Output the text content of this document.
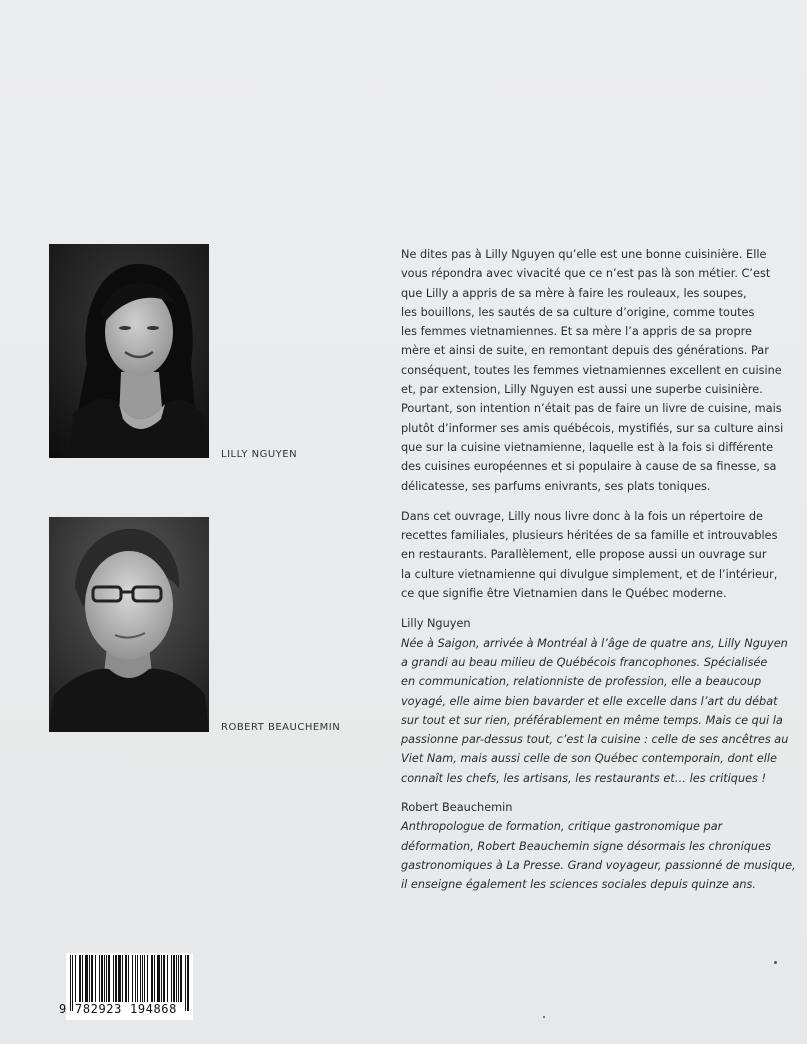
LILLY NGUYEN
ROBERT BEAUCHEMIN

Ne dites pas à Lilly Nguyen qu’elle est une bonne cuisinière. Elle
vous répondra avec vivacité que ce n’est pas là son métier. C’est
que Lilly a appris de sa mère à faire les rouleaux, les soupes,
les bouillons, les sautés de sa culture d’origine, comme toutes
les femmes vietnamiennes. Et sa mère l’a appris de sa propre
mère et ainsi de suite, en remontant depuis des générations. Par
conséquent, toutes les femmes vietnamiennes excellent en cuisine
et, par extension, Lilly Nguyen est aussi une superbe cuisinière.
Pourtant, son intention n’était pas de faire un livre de cuisine, mais
plutôt d’informer ses amis québécois, mystifiés, sur sa culture ainsi
que sur la cuisine vietnamienne, laquelle est à la fois si différente
des cuisines européennes et si populaire à cause de sa finesse, sa
délicatesse, ses parfums enivrants, ses plats toniques.

Dans cet ouvrage, Lilly nous livre donc à la fois un répertoire de
recettes familiales, plusieurs héritées de sa famille et introuvables
en restaurants. Parallèlement, elle propose aussi un ouvrage sur
la culture vietnamienne qui divulgue simplement, et de l’intérieur,
ce que signifie être Vietnamien dans le Québec moderne.

Lilly Nguyen

Née à Saigon, arrivée à Montréal à l’âge de quatre ans, Lilly Nguyen
a grandi au beau milieu de Québécois francophones. Spécialisée
en communication, relationniste de profession, elle a beaucoup
voyagé, elle aime bien bavarder et elle excelle dans l’art du débat
sur tout et sur rien, préférablement en même temps. Mais ce qui la
passionne par-dessus tout, c’est la cuisine : celle de ses ancêtres au
Viet Nam, mais aussi celle de son Québec contemporain, dont elle
connaît les chefs, les artisans, les restaurants et… les critiques !

Robert Beauchemin

Anthropologue de formation, critique gastronomique par
déformation, Robert Beauchemin signe désormais les chroniques
gastronomiques à La Presse. Grand voyageur, passionné de musique,
il enseigne également les sciences sociales depuis quinze ans.

9 782923 194868
